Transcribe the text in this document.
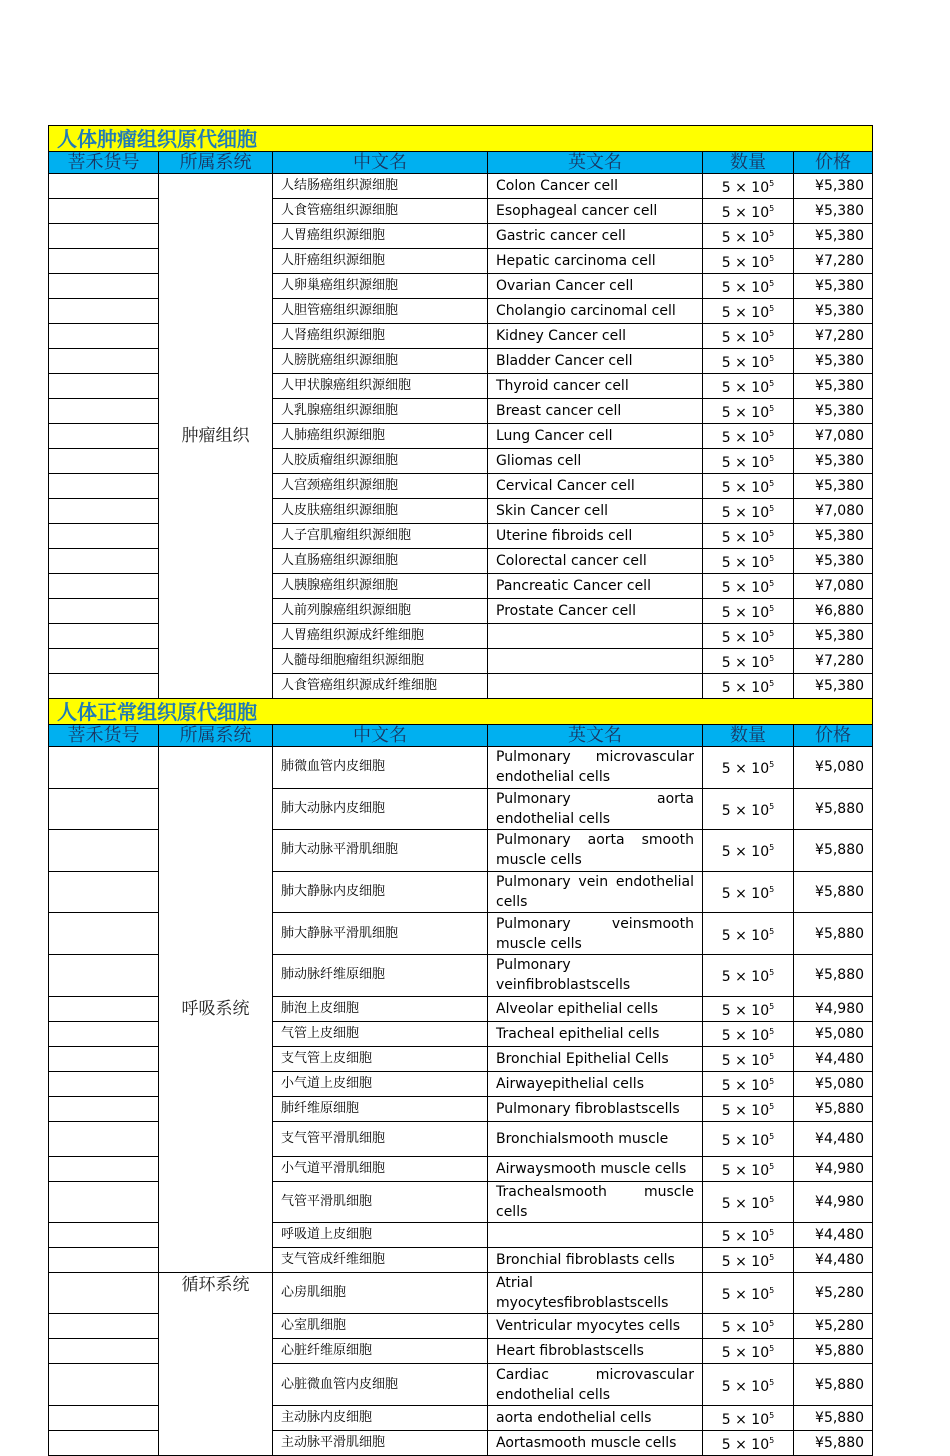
人体肿瘤组织原代细胞					
菩禾货号	所属系统	中文名	英文名	数量	价格
	肿瘤组织	人结肠癌组织源细胞	Colon Cancer cell	$5 \times 10^5$	¥5,380
		人食管癌组织源细胞	Esophageal cancer cell	$5 \times 10^5$	¥5,380
		人胃癌组织源细胞	Gastric cancer cell	$5 \times 10^5$	¥5,380
		人肝癌组织源细胞	Hepatic carcinoma cell	$5 \times 10^5$	¥7,280
		人卵巢癌组织源细胞	Ovarian Cancer cell	$5 \times 10^5$	¥5,380
		人胆管癌组织源细胞	Cholangio carcinomal cell	$5 \times 10^5$	¥5,380
		人肾癌组织源细胞	Kidney Cancer cell	$5 \times 10^5$	¥7,280
		人膀胱癌组织源细胞	Bladder Cancer cell	$5 \times 10^5$	¥5,380
		人甲状腺癌组织源细胞	Thyroid cancer cell	$5 \times 10^5$	¥5,380
		人乳腺癌组织源细胞	Breast cancer cell	$5 \times 10^5$	¥5,380
		人肺癌组织源细胞	Lung Cancer cell	$5 \times 10^5$	¥7,080
		人胶质瘤组织源细胞	Gliomas cell	$5 \times 10^5$	¥5,380
		人宫颈癌组织源细胞	Cervical Cancer cell	$5 \times 10^5$	¥5,380
		人皮肤癌组织源细胞	Skin Cancer cell	$5 \times 10^5$	¥7,080
		人子宫肌瘤组织源细胞	Uterine fibroids cell	$5 \times 10^5$	¥5,380
		人直肠癌组织源细胞	Colorectal cancer cell	$5 \times 10^5$	¥5,380
		人胰腺癌组织源细胞	Pancreatic Cancer cell	$5 \times 10^5$	¥7,080
		人前列腺癌组织源细胞	Prostate Cancer cell	$5 \times 10^5$	¥6,880
		人胃癌组织源成纤维细胞		$5 \times 10^5$	¥5,380
		人髓母细胞瘤组织源细胞		$5 \times 10^5$	¥7,280
		人食管癌组织源成纤维细胞		$5 \times 10^5$	¥5,380
人体正常组织原代细胞					
菩禾货号	所属系统	中文名	英文名	数量	价格
	呼吸系统	肺微血管内皮细胞	Pulmonary microvascular endothelial cells	$5 \times 10^5$	¥5,080
		肺大动脉内皮细胞	Pulmonary aorta endothelial cells	$5 \times 10^5$	¥5,880
		肺大动脉平滑肌细胞	Pulmonary aorta smooth muscle cells	$5 \times 10^5$	¥5,880
		肺大静脉内皮细胞	Pulmonary vein endothelial cells	$5 \times 10^5$	¥5,880
		肺大静脉平滑肌细胞	Pulmonary veinsmooth muscle cells	$5 \times 10^5$	¥5,880
		肺动脉纤维原细胞	Pulmonary veinfibroblastscells	$5 \times 10^5$	¥5,880
		肺泡上皮细胞	Alveolar epithelial cells	$5 \times 10^5$	¥4,980
		气管上皮细胞	Tracheal epithelial cells	$5 \times 10^5$	¥5,080
		支气管上皮细胞	Bronchial Epithelial Cells	$5 \times 10^5$	¥4,480
		小气道上皮细胞	Airwayepithelial cells	$5 \times 10^5$	¥5,080
		肺纤维原细胞	Pulmonary fibroblastscells	$5 \times 10^5$	¥5,880
		支气管平滑肌细胞	Bronchialsmooth muscle	$5 \times 10^5$	¥4,480
		小气道平滑肌细胞	Airwaysmooth muscle cells	$5 \times 10^5$	¥4,980
		气管平滑肌细胞	Trachealsmooth muscle cells	$5 \times 10^5$	¥4,980
		呼吸道上皮细胞		$5 \times 10^5$	¥4,480
		支气管成纤维细胞	Bronchial fibroblasts cells	$5 \times 10^5$	¥4,480
	循环系统	心房肌细胞	Atrial myocytesfibroblastscells	$5 \times 10^5$	¥5,280
		心室肌细胞	Ventricular myocytes cells	$5 \times 10^5$	¥5,280
		心脏纤维原细胞	Heart fibroblastscells	$5 \times 10^5$	¥5,880
		心脏微血管内皮细胞	Cardiac microvascular endothelial cells	$5 \times 10^5$	¥5,880
		主动脉内皮细胞	aorta endothelial cells	$5 \times 10^5$	¥5,880
		主动脉平滑肌细胞	Aortasmooth muscle cells	$5 \times 10^5$	¥5,880
